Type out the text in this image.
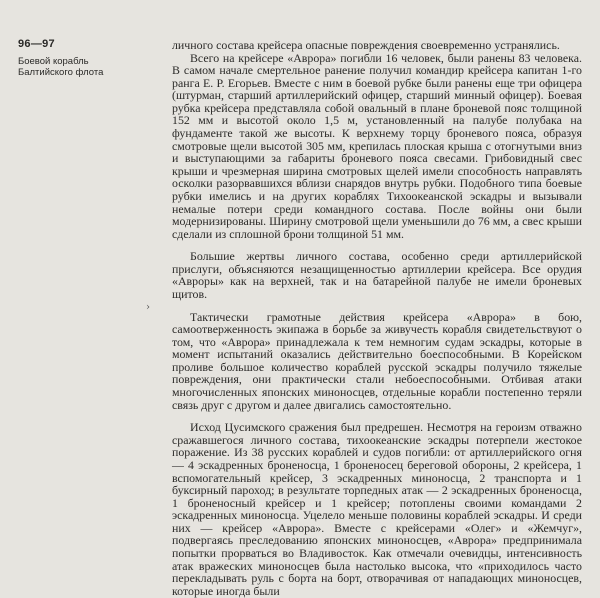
96—97
Боевой корабль
Балтийского флота
›

личного состава крейсера опасные повреждения своевременно устранялись.

Всего на крейсере «Аврора» погибли 16 человек, были ранены 83 человека. В самом начале смертельное ранение получил командир крейсера капитан 1-го ранга Е. Р. Егорьев. Вместе с ним в боевой рубке были ранены еще три офицера (штурман, старший артиллерийский офицер, старший минный офицер). Боевая рубка крейсера представляла собой овальный в плане броневой пояс толщиной 152 мм и высотой около 1,5 м, установленный на палубе полубака на фундаменте такой же высоты. К верхнему торцу броневого пояса, образуя смотровые щели высотой 305 мм, крепилась плоская крыша с отогнутыми вниз и выступающими за габариты броневого пояса свесами. Грибовидный свес крыши и чрезмерная ширина смотровых щелей имели способность направлять осколки разорвавшихся вблизи снарядов внутрь рубки. Подобного типа боевые рубки имелись и на других кораблях Тихоокеанской эскадры и вызывали немалые потери среди командного состава. После войны они были модернизированы. Ширину смотровой щели уменьшили до 76 мм, а свес крыши сделали из сплошной брони толщиной 51 мм.

Большие жертвы личного состава, особенно среди артиллерийской прислуги, объясняются незащищенностью артиллерии крейсера. Все орудия «Авроры» как на верхней, так и на батарейной палубе не имели броневых щитов.

Тактически грамотные действия крейсера «Аврора» в бою, самоотверженность экипажа в борьбе за живучесть корабля свидетельствуют о том, что «Аврора» принадлежала к тем немногим судам эскадры, которые в момент испытаний оказались действительно боеспособными. В Корейском проливе большое количество кораблей русской эскадры получило тяжелые повреждения, они практически стали небоеспособными. Отбивая атаки многочисленных японских миноносцев, отдельные корабли постепенно теряли связь друг с другом и далее двигались самостоятельно.

Исход Цусимского сражения был предрешен. Несмотря на героизм отважно сражавшегося личного состава, тихоокеанские эскадры потерпели жестокое поражение. Из 38 русских кораблей и судов погибли: от артиллерийского огня — 4 эскадренных броненосца, 1 броненосец береговой обороны, 2 крейсера, 1 вспомогательный крейсер, 3 эскадренных миноносца, 2 транспорта и 1 буксирный пароход; в результате торпедных атак — 2 эскадренных броненосца, 1 броненосный крейсер и 1 крейсер; потоплены своими командами 2 эскадренных миноносца. Уцелело меньше половины кораблей эскадры. И среди них — крейсер «Аврора». Вместе с крейсерами «Олег» и «Жемчуг», подвергаясь преследованию японских миноносцев, «Аврора» предпринимала попытки прорваться во Владивосток. Как отмечали очевидцы, интенсивность атак вражеских миноносцев была настолько высока, что «приходилось часто перекладывать руль с борта на борт, отворачивая от нападающих миноносцев, которые иногда были
